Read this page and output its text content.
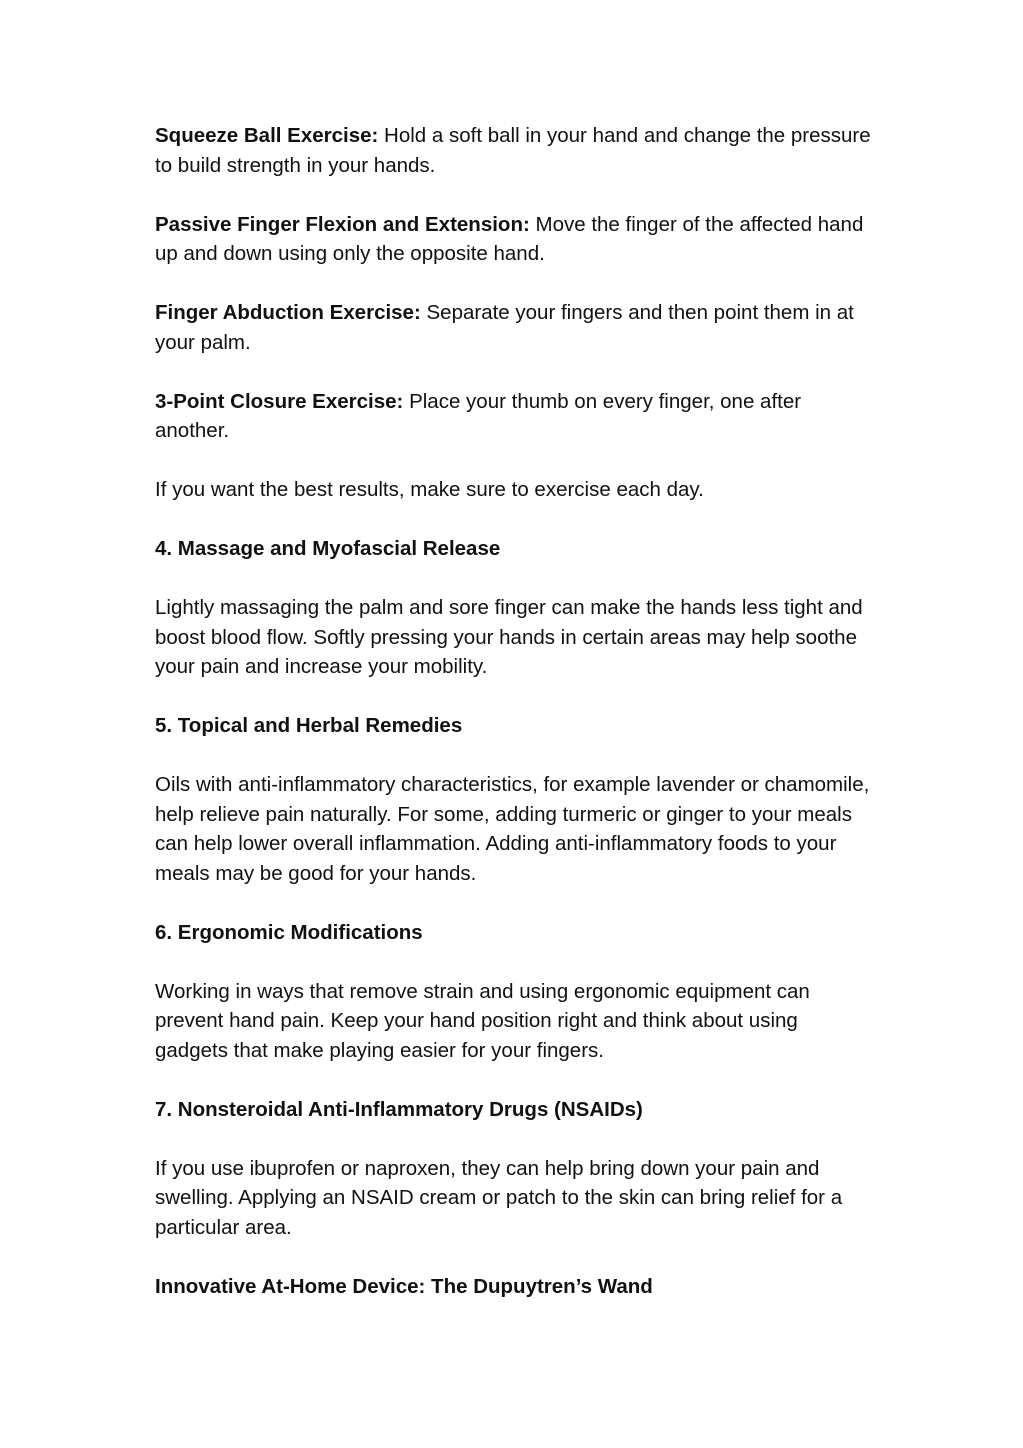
Squeeze Ball Exercise: Hold a soft ball in your hand and change the pressure to build strength in your hands.

Passive Finger Flexion and Extension: Move the finger of the affected hand up and down using only the opposite hand.

Finger Abduction Exercise: Separate your fingers and then point them in at your palm.

3-Point Closure Exercise: Place your thumb on every finger, one after another.

If you want the best results, make sure to exercise each day.

4. Massage and Myofascial Release

Lightly massaging the palm and sore finger can make the hands less tight and boost blood flow. Softly pressing your hands in certain areas may help soothe your pain and increase your mobility.

5. Topical and Herbal Remedies

Oils with anti-inflammatory characteristics, for example lavender or chamomile, help relieve pain naturally. For some, adding turmeric or ginger to your meals can help lower overall inflammation. Adding anti-inflammatory foods to your meals may be good for your hands.

6. Ergonomic Modifications

Working in ways that remove strain and using ergonomic equipment can prevent hand pain. Keep your hand position right and think about using gadgets that make playing easier for your fingers.

7. Nonsteroidal Anti-Inflammatory Drugs (NSAIDs)

If you use ibuprofen or naproxen, they can help bring down your pain and swelling. Applying an NSAID cream or patch to the skin can bring relief for a particular area.

Innovative At-Home Device: The Dupuytren’s Wand
